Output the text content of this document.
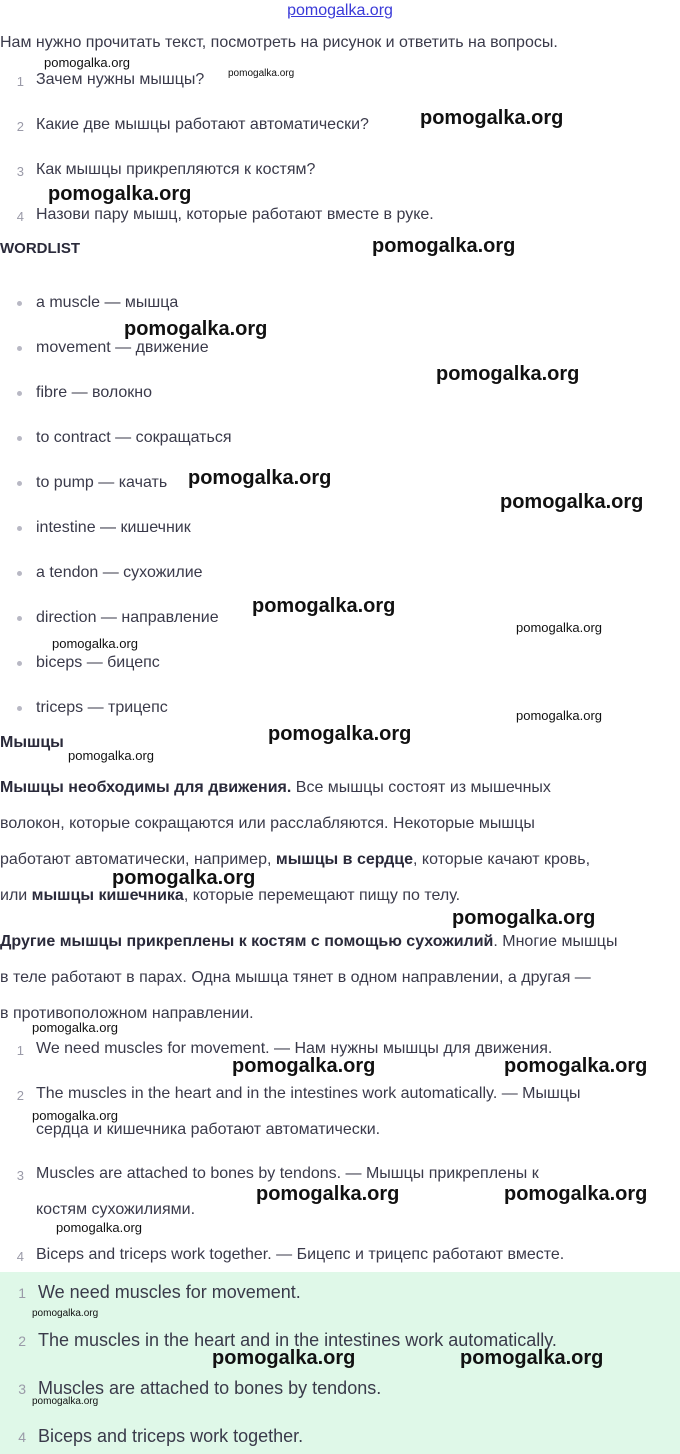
pomogalka.org
Нам нужно прочитать текст, посмотреть на рисунок и ответить на вопросы.
1 Зачем нужны мышцы?
2 Какие две мышцы работают автоматически?
3 Как мышцы прикрепляются к костям?
4 Назови пару мышц, которые работают вместе в руке.
WORDLIST
a muscle — мышца
movement — движение
fibre — волокно
to contract — сокращаться
to pump — качать
intestine — кишечник
a tendon — сухожилие
direction — направление
biceps — бицепс
triceps — трицепс
Мышцы
Мышцы необходимы для движения. Все мышцы состоят из мышечных
волокон, которые сокращаются или расслабляются. Некоторые мышцы
работают автоматически, например, мышцы в сердце, которые качают кровь,
или мышцы кишечника, которые перемещают пищу по телу.
Другие мышцы прикреплены к костям с помощью сухожилий. Многие мышцы
в теле работают в парах. Одна мышца тянет в одном направлении, а другая —
в противоположном направлении.
1 We need muscles for movement. — Нам нужны мышцы для движения.
2 The muscles in the heart and in the intestines work automatically. — Мышцы
сердца и кишечника работают автоматически.
3 Muscles are attached to bones by tendons. — Мышцы прикреплены к
костям сухожилиями.
4 Biceps and triceps work together. — Бицепс и трицепс работают вместе.
1 We need muscles for movement.
2 The muscles in the heart and in the intestines work automatically.
3 Muscles are attached to bones by tendons.
4 Biceps and triceps work together.
pomogalka.org
pomogalka.org
pomogalka.org
pomogalka.org
pomogalka.org
pomogalka.org
pomogalka.org
pomogalka.org
pomogalka.org
pomogalka.org
pomogalka.org
pomogalka.org
pomogalka.org
pomogalka.org
pomogalka.org
pomogalka.org
pomogalka.org
pomogalka.org
pomogalka.org	pomogalka.org
pomogalka.org
pomogalka.org	pomogalka.org
pomogalka.org
pomogalka.org
pomogalka.org	pomogalka.org
pomogalka.org
